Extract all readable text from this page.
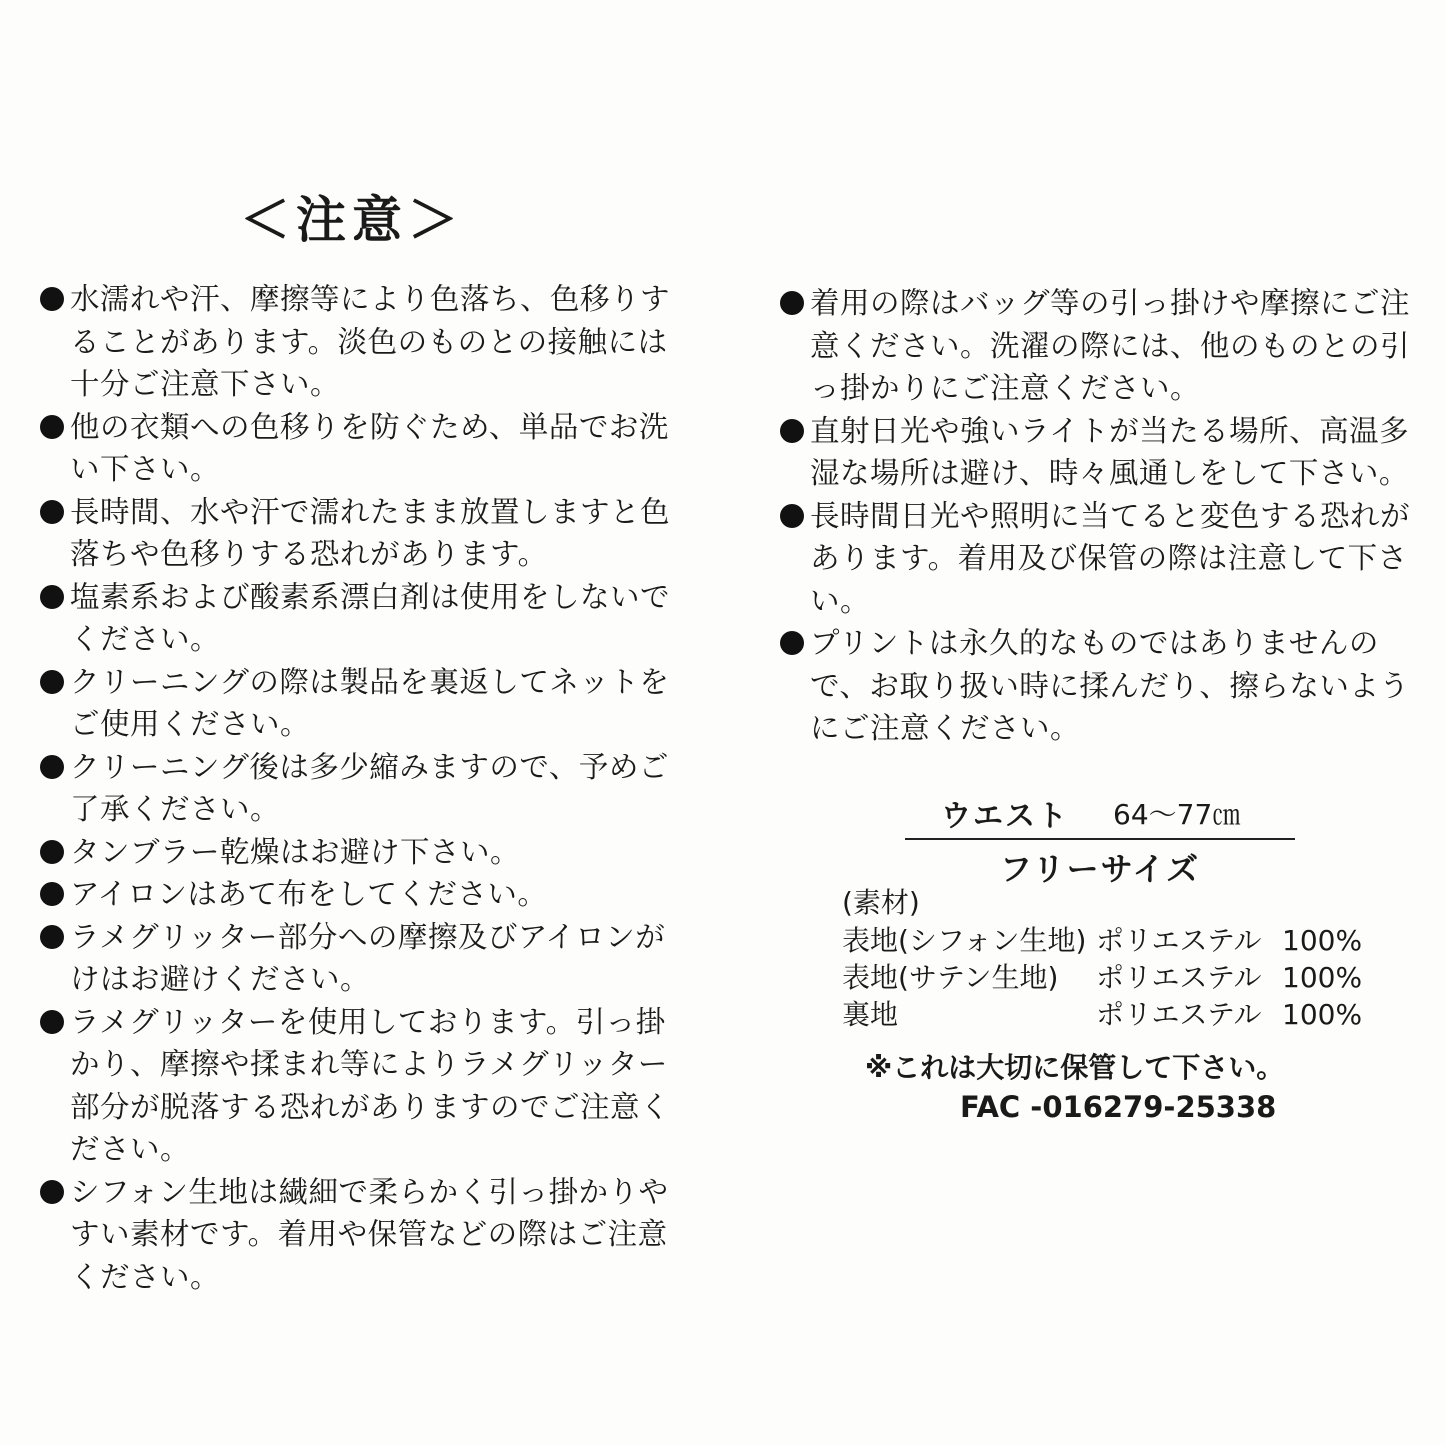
＜注意＞
水濡れや汗、摩擦等により色落ち、色移りすることがあります。淡色のものとの接触には十分ご注意下さい。
他の衣類への色移りを防ぐため、単品でお洗い下さい。
長時間、水や汗で濡れたまま放置しますと色落ちや色移りする恐れがあります。
塩素系および酸素系漂白剤は使用をしないでください。
クリーニングの際は製品を裏返してネットをご使用ください。
クリーニング後は多少縮みますので、予めご了承ください。
タンブラー乾燥はお避け下さい。
アイロンはあて布をしてください。
ラメグリッター部分への摩擦及びアイロンがけはお避けください。
ラメグリッターを使用しております。引っ掛かり、摩擦や揉まれ等によりラメグリッター部分が脱落する恐れがありますのでご注意ください。
シフォン生地は繊細で柔らかく引っ掛かりやすい素材です。着用や保管などの際はご注意ください。
着用の際はバッグ等の引っ掛けや摩擦にご注意ください。洗濯の際には、他のものとの引っ掛かりにご注意ください。
直射日光や強いライトが当たる場所、高温多湿な場所は避け、時々風通しをして下さい。
長時間日光や照明に当てると変色する恐れがあります。着用及び保管の際は注意して下さい。
プリントは永久的なものではありませんので、お取り扱い時に揉んだり、擦らないようにご注意ください。
ウエスト 64〜77㎝
フリーサイズ
(素材)
表地(シフォン生地) ポリエステル 100%
表地(サテン生地)	ポリエステル 100%
裏地	ポリエステル 100%
※これは大切に保管して下さい。
FAC -016279-25338
